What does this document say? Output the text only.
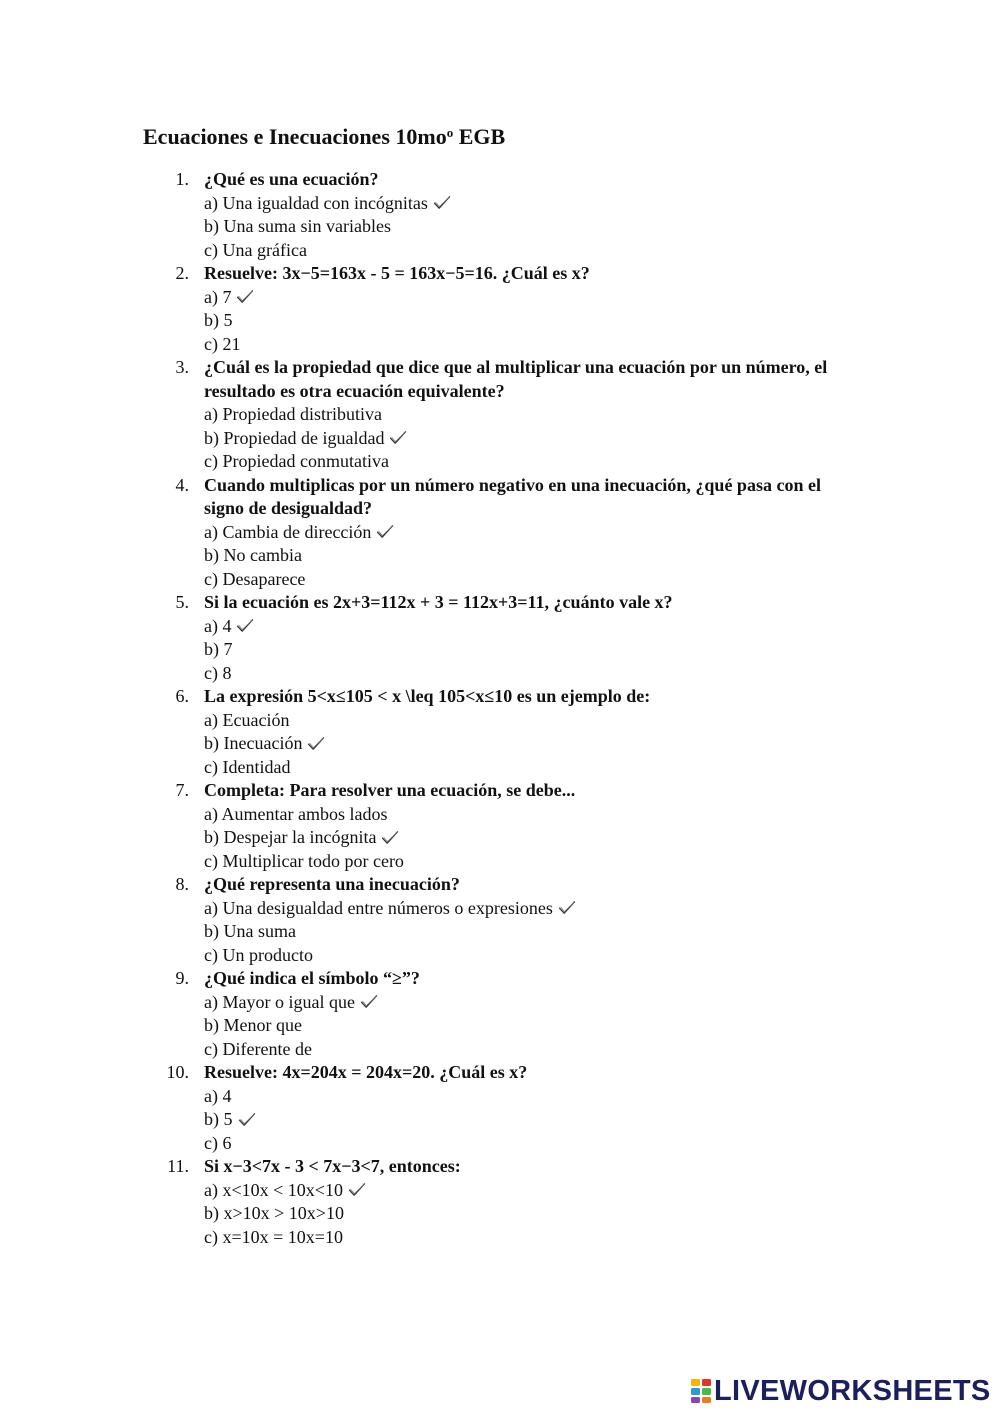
Ecuaciones e Inecuaciones $10mo^o$ EGB
1. ¿Qué es una ecuación?
a) Una igualdad con incógnitas
b) Una suma sin variables
c) Una gráfica
2. Resuelve: 3x−5=163x - 5 = 163x−5=16. ¿Cuál es x?
a) 7
b) 5
c) 21
3. ¿Cuál es la propiedad que dice que al multiplicar una ecuación por un número, el resultado es otra ecuación equivalente?
a) Propiedad distributiva
b) Propiedad de igualdad
c) Propiedad conmutativa
4. Cuando multiplicas por un número negativo en una inecuación, ¿qué pasa con el signo de desigualdad?
a) Cambia de dirección
b) No cambia
c) Desaparece
5. Si la ecuación es 2x+3=112x + 3 = 112x+3=11, ¿cuánto vale x?
a) 4
b) 7
c) 8
6. La expresión 5<x≤105 < x \leq 105<x≤10 es un ejemplo de:
a) Ecuación
b) Inecuación
c) Identidad
7. Completa: Para resolver una ecuación, se debe...
a) Aumentar ambos lados
b) Despejar la incógnita
c) Multiplicar todo por cero
8. ¿Qué representa una inecuación?
a) Una desigualdad entre números o expresiones
b) Una suma
c) Un producto
9. ¿Qué indica el símbolo “≥”?
a) Mayor o igual que
b) Menor que
c) Diferente de
10. Resuelve: 4x=204x = 204x=20. ¿Cuál es x?
a) 4
b) 5
c) 6
11. Si x−3<7x - 3 < 7x−3<7, entonces:
a) x<10x < 10x<10
b) x>10x > 10x>10
c) x=10x = 10x=10
LIVEWORKSHEETS
